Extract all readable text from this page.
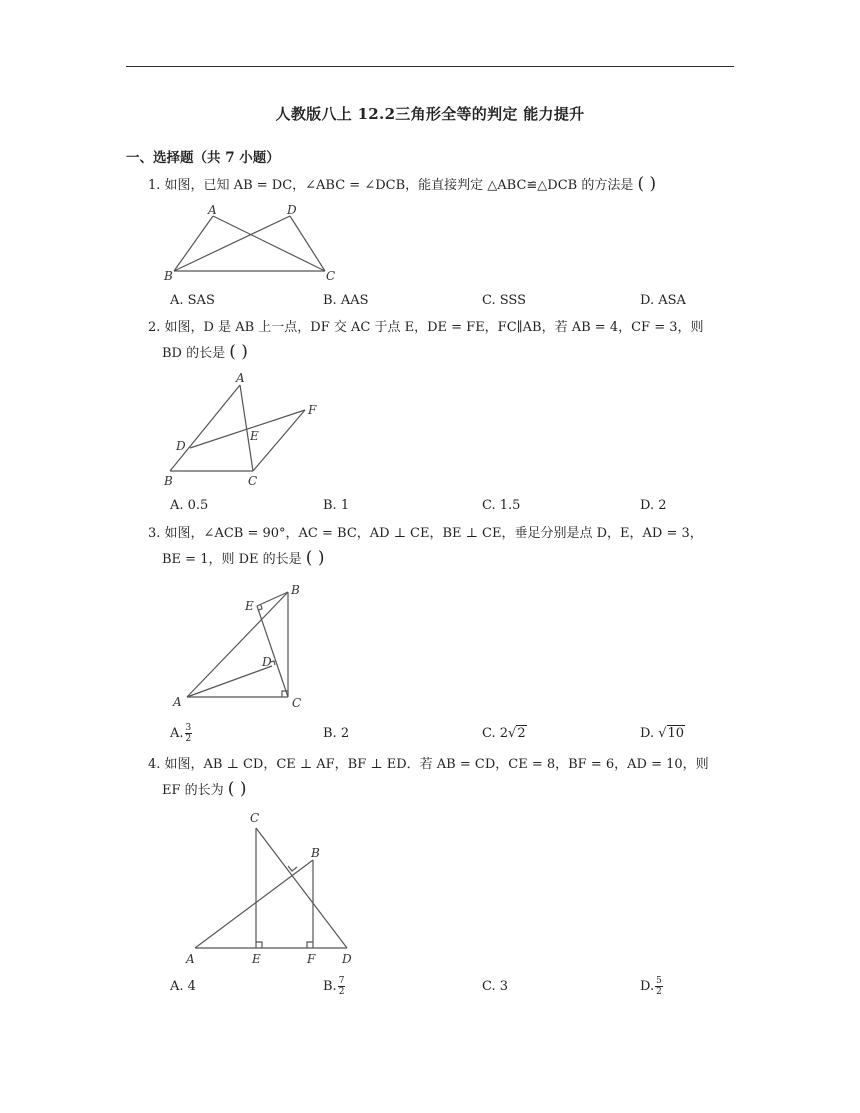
人教版八上 12.2三角形全等的判定 能力提升
一、选择题（共 7 小题）
1. 如图，已知 AB = DC，∠ABC = ∠DCB，能直接判定 △ABC≌△DCB 的方法是 ( )
A	D
B	C
A. SAS	B. AAS	C. SSS	D. ASA
2. 如图，D 是 AB 上一点，DF 交 AC 于点 E，DE = FE，FC∥AB，若 AB = 4，CF = 3，则
BD 的长是 ( )
A
F
D
E
B	C
A. 0.5	B. 1	C. 1.5	D. 2
3. 如图，∠ACB = 90°，AC = BC，AD ⊥ CE，BE ⊥ CE，垂足分别是点 D，E，AD = 3，
BE = 1，则 DE 的长是 ( )
E
B
D
A	C
A. $\frac{3}{2}$	B. 2	C. 2√2	D. √10
4. 如图，AB ⊥ CD，CE ⊥ AF，BF ⊥ ED．若 AB = CD，CE = 8，BF = 6，AD = 10，则
EF 的长为 ( )
C
B
A	E	F D
A. 4	B. $\frac{7}{2}$	C. 3	D. $\frac{5}{2}$
